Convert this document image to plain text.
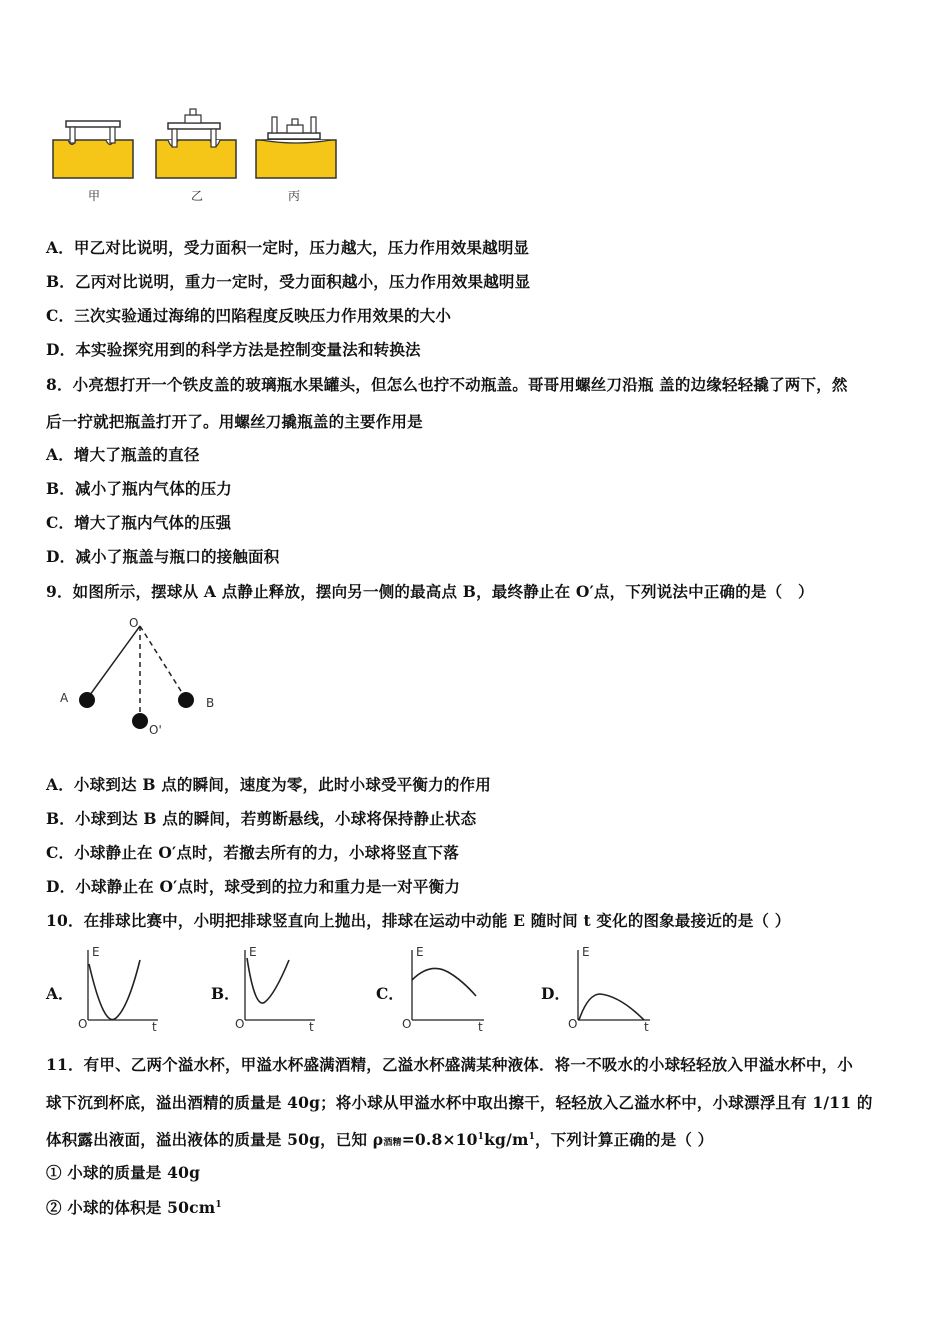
甲	乙	丙
A．甲乙对比说明，受力面积一定时，压力越大，压力作用效果越明显
B．乙丙对比说明，重力一定时，受力面积越小，压力作用效果越明显
C．三次实验通过海绵的凹陷程度反映压力作用效果的大小
D．本实验探究用到的科学方法是控制变量法和转换法
8．小亮想打开一个铁皮盖的玻璃瓶水果罐头，但怎么也拧不动瓶盖。哥哥用螺丝刀沿瓶 盖的边缘轻轻撬了两下，然
后一拧就把瓶盖打开了。用螺丝刀撬瓶盖的主要作用是
A．增大了瓶盖的直径
B．减小了瓶内气体的压力
C．增大了瓶内气体的压强
D．减小了瓶盖与瓶口的接触面积
9．如图所示，摆球从 A 点静止释放，摆向另一侧的最高点 B，最终静止在 O′点，下列说法中正确的是（　）
O
A	B
O'
A．小球到达 B 点的瞬间，速度为零，此时小球受平衡力的作用
B．小球到达 B 点的瞬间，若剪断悬线，小球将保持静止状态
C．小球静止在 O′点时，若撤去所有的力，小球将竖直下落
D．小球静止在 O′点时，球受到的拉力和重力是一对平衡力
10．在排球比赛中，小明把排球竖直向上抛出，排球在运动中动能 E 随时间 t 变化的图象最接近的是（ ）
A．
E
t
O
B．
E
t
O
C．
E
t
O
D．
E
t
O
11．有甲、乙两个溢水杯，甲溢水杯盛满酒精，乙溢水杯盛满某种液体．将一不吸水的小球轻轻放入甲溢水杯中，小
球下沉到杯底，溢出酒精的质量是 40g；将小球从甲溢水杯中取出擦干，轻轻放入乙溢水杯中，小球漂浮且有 1/11 的
体积露出液面，溢出液体的质量是 50g，已知 ρ酒精$=0.8\times 10^1kg/m^1$，下列计算正确的是（ ）
① 小球的质量是 40g
② 小球的体积是 $50cm^1$
